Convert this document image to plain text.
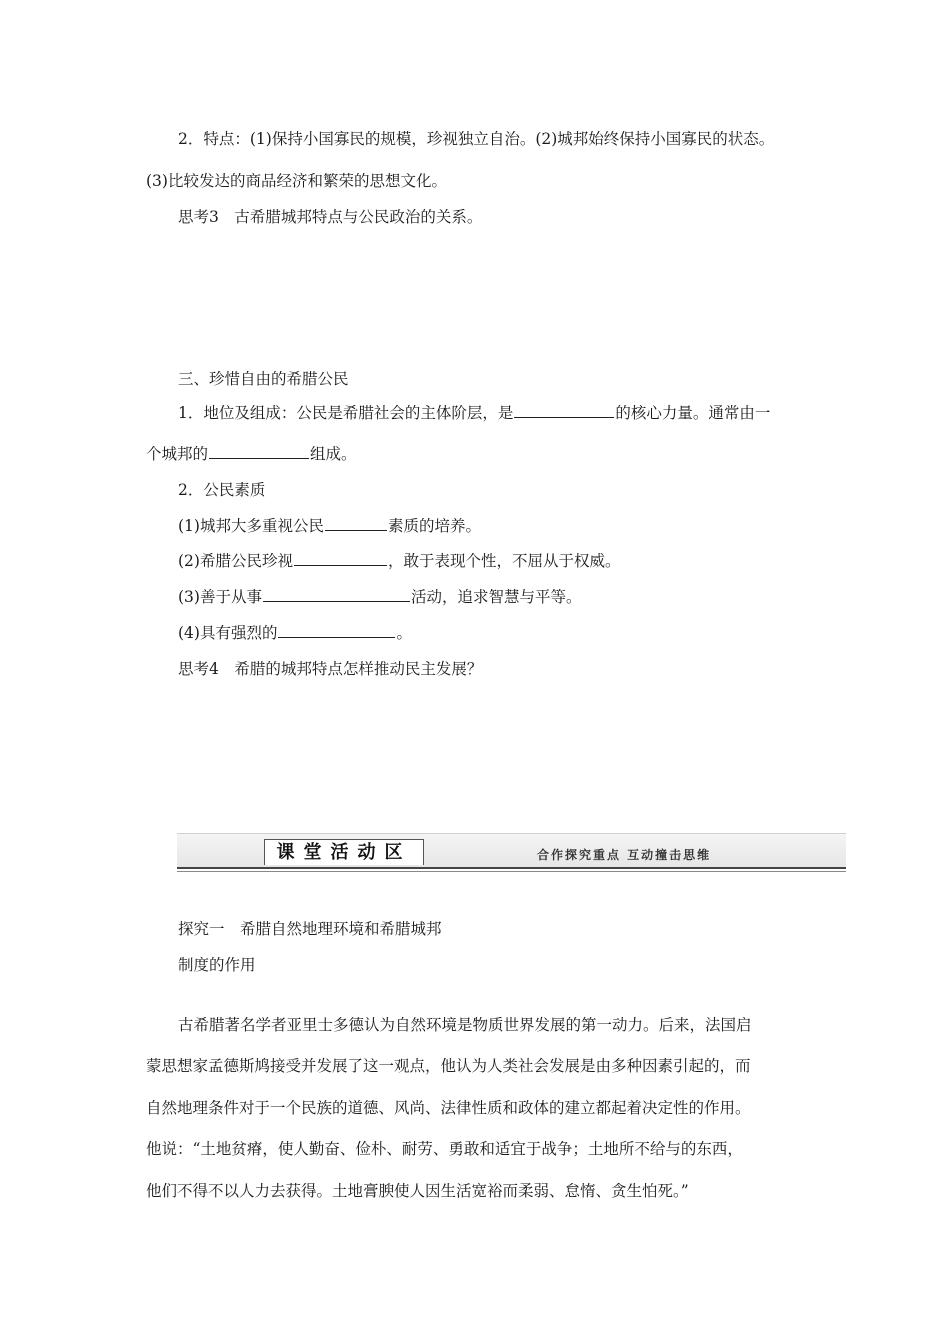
2．特点：(1)保持小国寡民的规模，珍视独立自治。(2)城邦始终保持小国寡民的状态。
(3)比较发达的商品经济和繁荣的思想文化。
思考3　古希腊城邦特点与公民政治的关系。
三、珍惜自由的希腊公民
1．地位及组成：公民是希腊社会的主体阶层，是	的核心力量。通常由一
个城邦的	组成。
2．公民素质
(1)城邦大多重视公民	素质的培养。
(2)希腊公民珍视	，敢于表现个性，不屈从于权威。
(3)善于从事	活动，追求智慧与平等。
(4)具有强烈的	。
思考4　希腊的城邦特点怎样推动民主发展？
课堂活动区	合作探究重点 互动撞击思维
探究一　希腊自然地理环境和希腊城邦
制度的作用
古希腊著名学者亚里士多德认为自然环境是物质世界发展的第一动力。后来，法国启
蒙思想家孟德斯鸠接受并发展了这一观点，他认为人类社会发展是由多种因素引起的，而
自然地理条件对于一个民族的道德、风尚、法律性质和政体的建立都起着决定性的作用。
他说：“土地贫瘠，使人勤奋、俭朴、耐劳、勇敢和适宜于战争；土地所不给与的东西，
他们不得不以人力去获得。土地膏腴使人因生活宽裕而柔弱、怠惰、贪生怕死。”
